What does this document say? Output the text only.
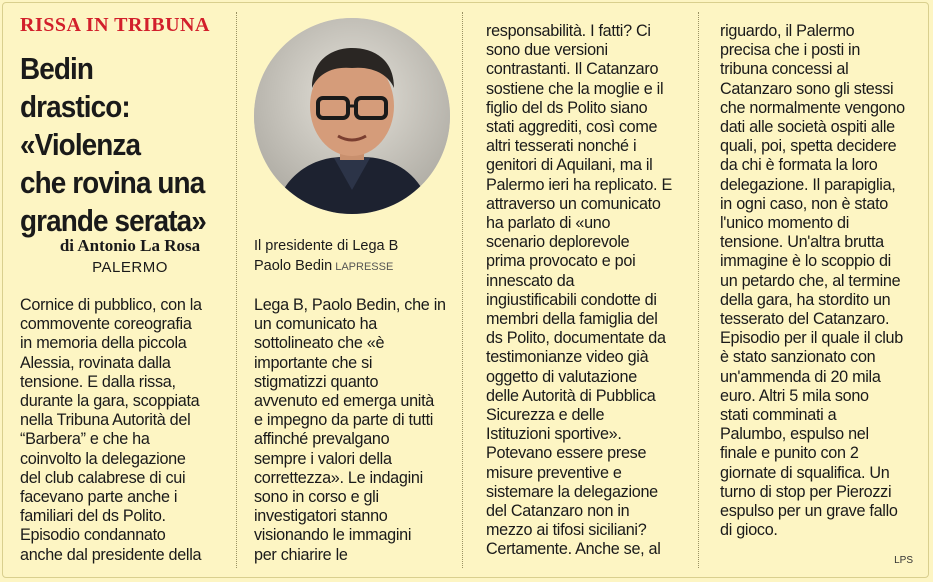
RISSA IN TRIBUNA
Bedin drastico:
«Violenza
che rovina una
grande serata»
di Antonio La Rosa
PALERMO
Cornice di pubblico, con la
commovente coreografia
in memoria della piccola
Alessia, rovinata dalla
tensione. E dalla rissa,
durante la gara, scoppiata
nella Tribuna Autorità del
“Barbera” e che ha
coinvolto la delegazione
del club calabrese di cui
facevano parte anche i
familiari del ds Polito.
Episodio condannato
anche dal presidente della
Il presidente di Lega B
Paolo Bedin LAPRESSE
Lega B, Paolo Bedin, che in
un comunicato ha
sottolineato che «è
importante che si
stigmatizzi quanto
avvenuto ed emerga unità
e impegno da parte di tutti
affinché prevalgano
sempre i valori della
correttezza». Le indagini
sono in corso e gli
investigatori stanno
visionando le immagini
per chiarire le
responsabilità. I fatti? Ci
sono due versioni
contrastanti. Il Catanzaro
sostiene che la moglie e il
figlio del ds Polito siano
stati aggrediti, così come
altri tesserati nonché i
genitori di Aquilani, ma il
Palermo ieri ha replicato. E
attraverso un comunicato
ha parlato di «uno
scenario deplorevole
prima provocato e poi
innescato da
ingiustificabili condotte di
membri della famiglia del
ds Polito, documentate da
testimonianze video già
oggetto di valutazione
delle Autorità di Pubblica
Sicurezza e delle
Istituzioni sportive».
Potevano essere prese
misure preventive e
sistemare la delegazione
del Catanzaro non in
mezzo ai tifosi siciliani?
Certamente. Anche se, al
riguardo, il Palermo
precisa che i posti in
tribuna concessi al
Catanzaro sono gli stessi
che normalmente vengono
dati alle società ospiti alle
quali, poi, spetta decidere
da chi è formata la loro
delegazione. Il parapiglia,
in ogni caso, non è stato
l'unico momento di
tensione. Un'altra brutta
immagine è lo scoppio di
un petardo che, al termine
della gara, ha stordito un
tesserato del Catanzaro.
Episodio per il quale il club
è stato sanzionato con
un'ammenda di 20 mila
euro. Altri 5 mila sono
stati comminati a
Palumbo, espulso nel
finale e punito con 2
giornate di squalifica. Un
turno di stop per Pierozzi
espulso per un grave fallo
di gioco.
LPS
